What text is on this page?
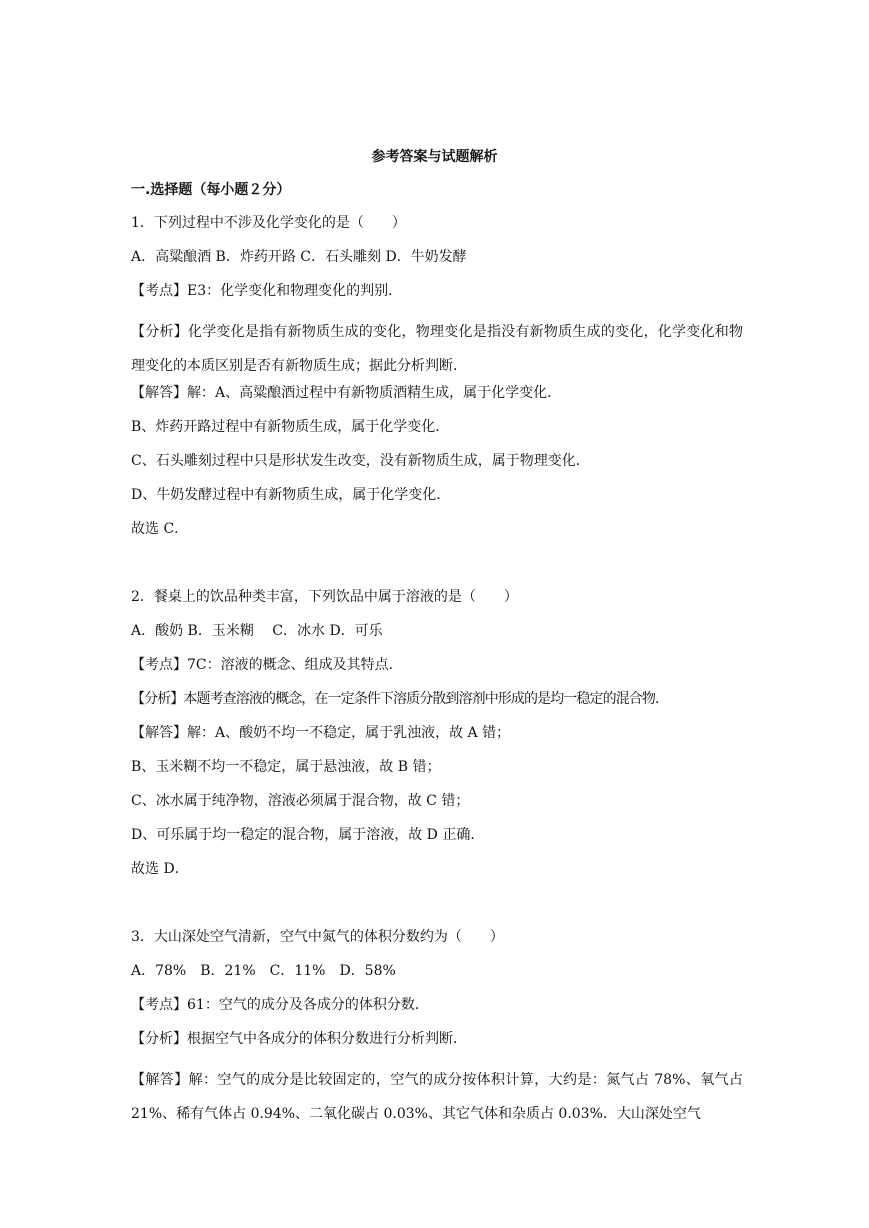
参考答案与试题解析
一.选择题（每小题２分）
1．下列过程中不涉及化学变化的是（　　）
A．高粱酿酒 B．炸药开路 C．石头雕刻 D．牛奶发酵
【考点】E3：化学变化和物理变化的判别．
【分析】化学变化是指有新物质生成的变化，物理变化是指没有新物质生成的变化，化学变化和物理变化的本质区别是否有新物质生成；据此分析判断．
【解答】解：A、高粱酿酒过程中有新物质酒精生成，属于化学变化．
B、炸药开路过程中有新物质生成，属于化学变化．
C、石头雕刻过程中只是形状发生改变，没有新物质生成，属于物理变化．
D、牛奶发酵过程中有新物质生成，属于化学变化．
故选 C．
2．餐桌上的饮品种类丰富，下列饮品中属于溶液的是（　　）
A．酸奶 B．玉米糊　 C．冰水 D．可乐
【考点】7C：溶液的概念、组成及其特点．
【分析】本题考查溶液的概念，在一定条件下溶质分散到溶剂中形成的是均一稳定的混合物．
【解答】解：A、酸奶不均一不稳定，属于乳浊液，故 A 错；
B、玉米糊不均一不稳定，属于悬浊液，故 B 错；
C、冰水属于纯净物，溶液必须属于混合物，故 C 错；
D、可乐属于均一稳定的混合物，属于溶液，故 D 正确．
故选 D．
3．大山深处空气清新，空气中氮气的体积分数约为（　　）
A．78%　B．21%　C．11%　D．58%
【考点】61：空气的成分及各成分的体积分数．
【分析】根据空气中各成分的体积分数进行分析判断．
【解答】解：空气的成分是比较固定的，空气的成分按体积计算，大约是：氮气占 78%、氧气占 21%、稀有气体占 0.94%、二氧化碳占 0.03%、其它气体和杂质占 0.03%．大山深处空气
